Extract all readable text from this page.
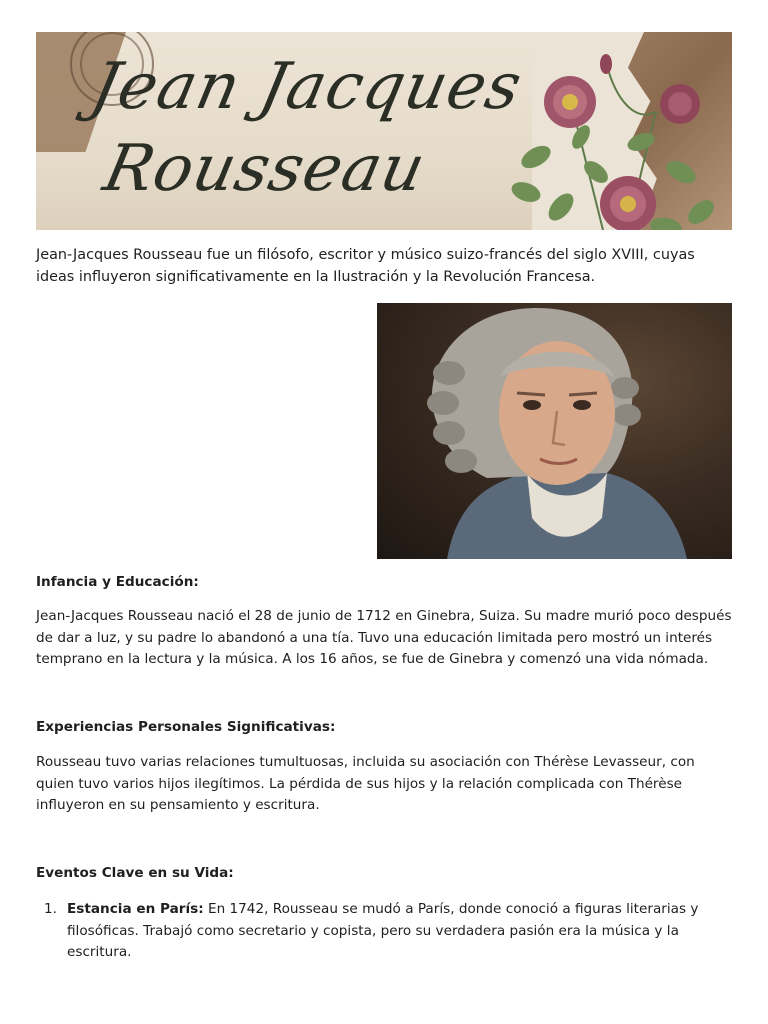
Jean Jacques
Rousseau

Jean-Jacques Rousseau fue un filósofo, escritor y músico suizo-francés del siglo XVIII, cuyas ideas influyeron significativamente en la Ilustración y la Revolución Francesa.

Infancia y Educación:

Jean-Jacques Rousseau nació el 28 de junio de 1712 en Ginebra, Suiza. Su madre murió poco después de dar a luz, y su padre lo abandonó a una tía. Tuvo una educación limitada pero mostró un interés temprano en la lectura y la música. A los 16 años, se fue de Ginebra y comenzó una vida nómada.

Experiencias Personales Significativas:

Rousseau tuvo varias relaciones tumultuosas, incluida su asociación con Thérèse Levasseur, con quien tuvo varios hijos ilegítimos. La pérdida de sus hijos y la relación complicada con Thérèse influyeron en su pensamiento y escritura.

Eventos Clave en su Vida:
1. Estancia en París: En 1742, Rousseau se mudó a París, donde conoció a figuras literarias y filosóficas. Trabajó como secretario y copista, pero su verdadera pasión era la música y la escritura.
